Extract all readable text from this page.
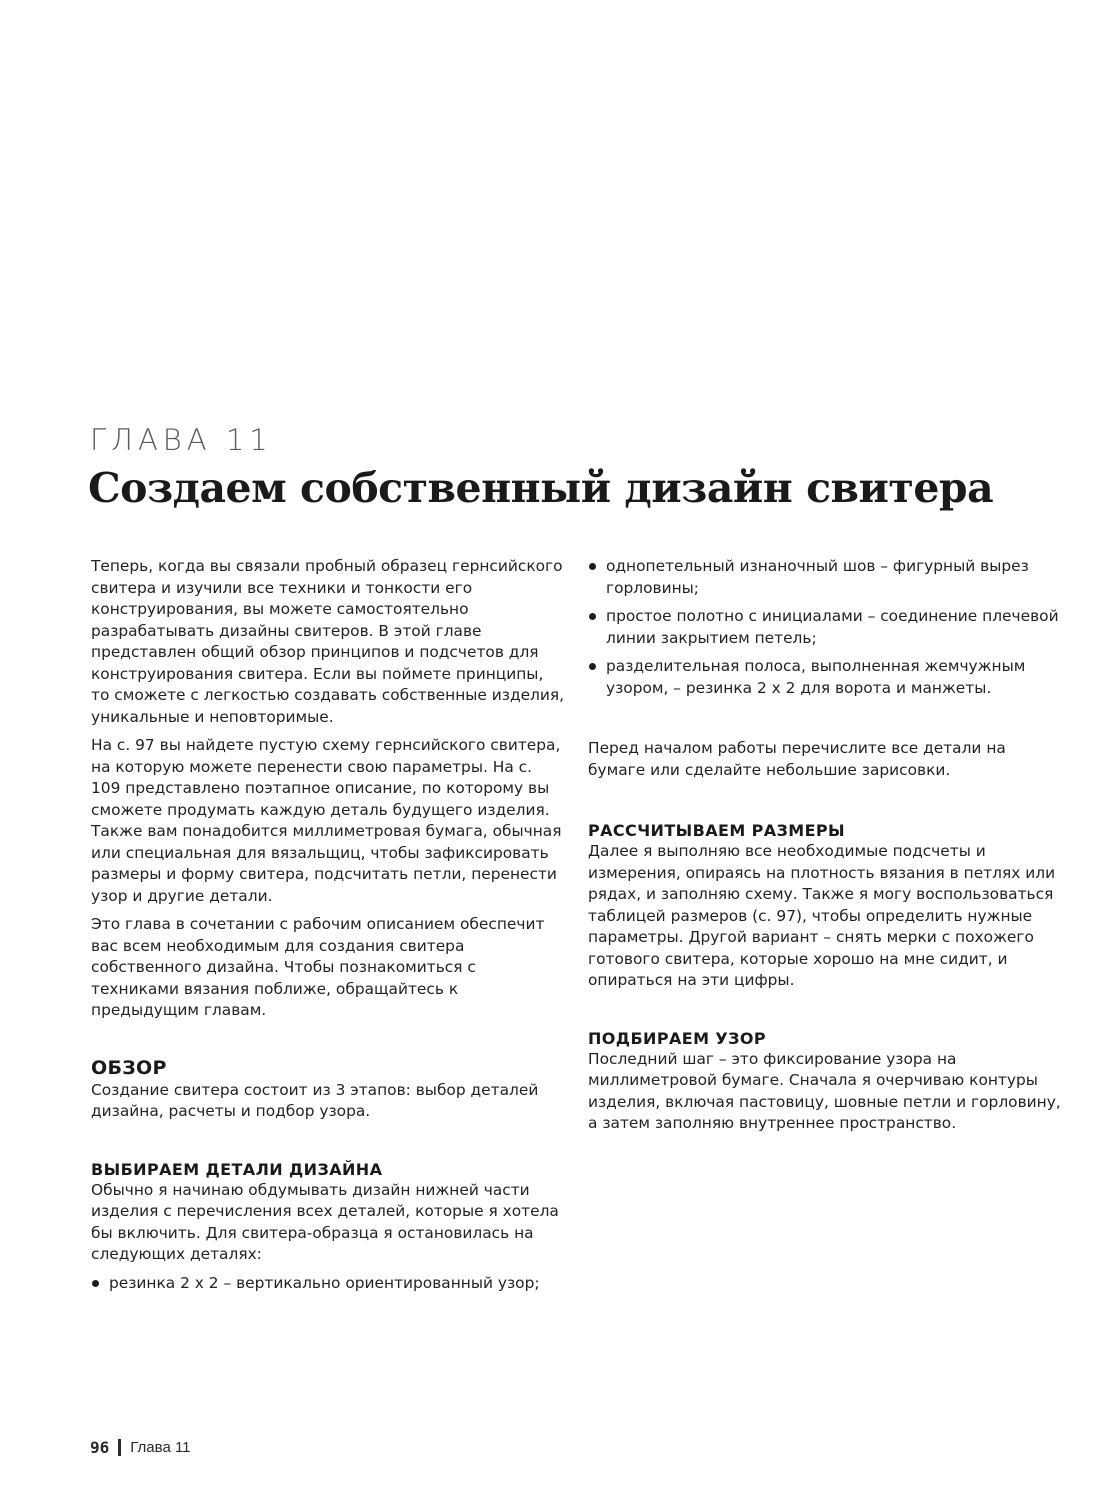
ГЛАВА 11
Создаем собственный дизайн свитера

Теперь, когда вы связали пробный образец гернсийского свитера и изучили все техники и тонкости его конструирования, вы можете самостоятельно разрабатывать дизайны свитеров. В этой главе представлен общий обзор принципов и подсчетов для конструирования свитера. Если вы поймете принципы, то сможете с легкостью создавать собственные изделия, уникальные и неповторимые.

На с. 97 вы найдете пустую схему гернсийского свитера, на которую можете перенести свою параметры. На с. 109 представлено поэтапное описание, по которому вы сможете продумать каждую деталь будущего изделия. Также вам понадобится миллиметровая бумага, обычная или специальная для вязальщиц, чтобы зафиксировать размеры и форму свитера, подсчитать петли, перенести узор и другие детали.

Это глава в сочетании с рабочим описанием обеспечит вас всем необходимым для создания свитера собственного дизайна. Чтобы познакомиться с техниками вязания поближе, обращайтесь к предыдущим главам.

ОБЗОР

Создание свитера состоит из 3 этапов: выбор деталей дизайна, расчеты и подбор узора.

ВЫБИРАЕМ ДЕТАЛИ ДИЗАЙНА

Обычно я начинаю обдумывать дизайн нижней части изделия с перечисления всех деталей, которые я хотела бы включить. Для свитера-образца я остановилась на следующих деталях:

резинка 2 х 2 – вертикально ориентированный узор;
однопетельный изнаночный шов – фигурный вырез горловины;
простое полотно с инициалами – соединение плечевой линии закрытием петель;
разделительная полоса, выполненная жемчужным узором, – резинка 2 х 2 для ворота и манжеты.

Перед началом работы перечислите все детали на бумаге или сделайте небольшие зарисовки.

РАССЧИТЫВАЕМ РАЗМЕРЫ

Далее я выполняю все необходимые подсчеты и измерения, опираясь на плотность вязания в петлях или рядах, и заполняю схему. Также я могу воспользоваться таблицей размеров (с. 97), чтобы определить нужные параметры. Другой вариант – снять мерки с похожего готового свитера, которые хорошо на мне сидит, и опираться на эти цифры.

ПОДБИРАЕМ УЗОР

Последний шаг – это фиксирование узора на миллиметровой бумаге. Сначала я очерчиваю контуры изделия, включая пастовицу, шовные петли и горловину, а затем заполняю внутреннее пространство.

96 Глава 11
